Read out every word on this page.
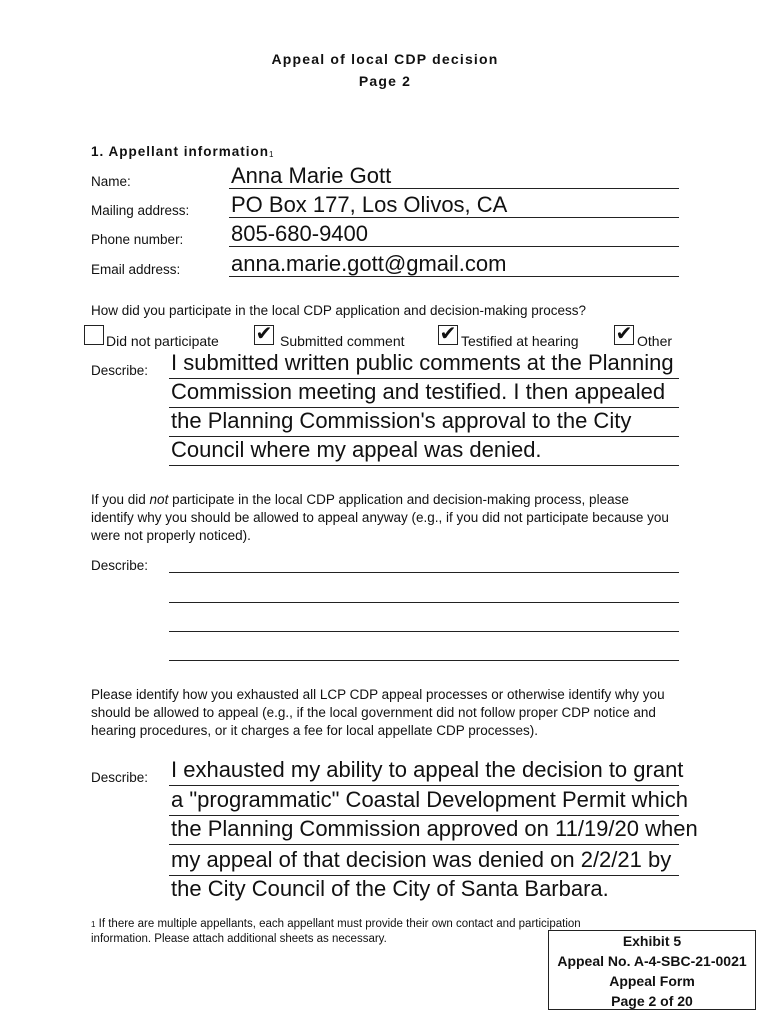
Appeal of local CDP decision
Page 2
1. Appellant information$^1$
Name:	Anna Marie Gott
Mailing address: PO Box 177, Los Olivos, CA
Phone number: 805-680-9400
Email address: anna.marie.gott@gmail.com
How did you participate in the local CDP application and decision-making process?
Did not participate ✔ Submitted comment ✔ Testified at hearing ✔ Other
Describe: I submitted written public comments at the Planning
Commission meeting and testified. I then appealed
the Planning Commission's approval to the City
Council where my appeal was denied.
If you did not participate in the local CDP application and decision-making process, please identify why you should be allowed to appeal anyway (e.g., if you did not participate because you were not properly noticed).
Describe:
Please identify how you exhausted all LCP CDP appeal processes or otherwise identify why you should be allowed to appeal (e.g., if the local government did not follow proper CDP notice and hearing procedures, or it charges a fee for local appellate CDP processes).
Describe: I exhausted my ability to appeal the decision to grant
a "programmatic" Coastal Development Permit which
the Planning Commission approved on 11/19/20 when
my appeal of that decision was denied on 2/2/21 by
the City Council of the City of Santa Barbara.
1 If there are multiple appellants, each appellant must provide their own contact and participation information. Please attach additional sheets as necessary.	Exhibit 5
Appeal No. A-4-SBC-21-0021
Appeal Form
Page 2 of 20
